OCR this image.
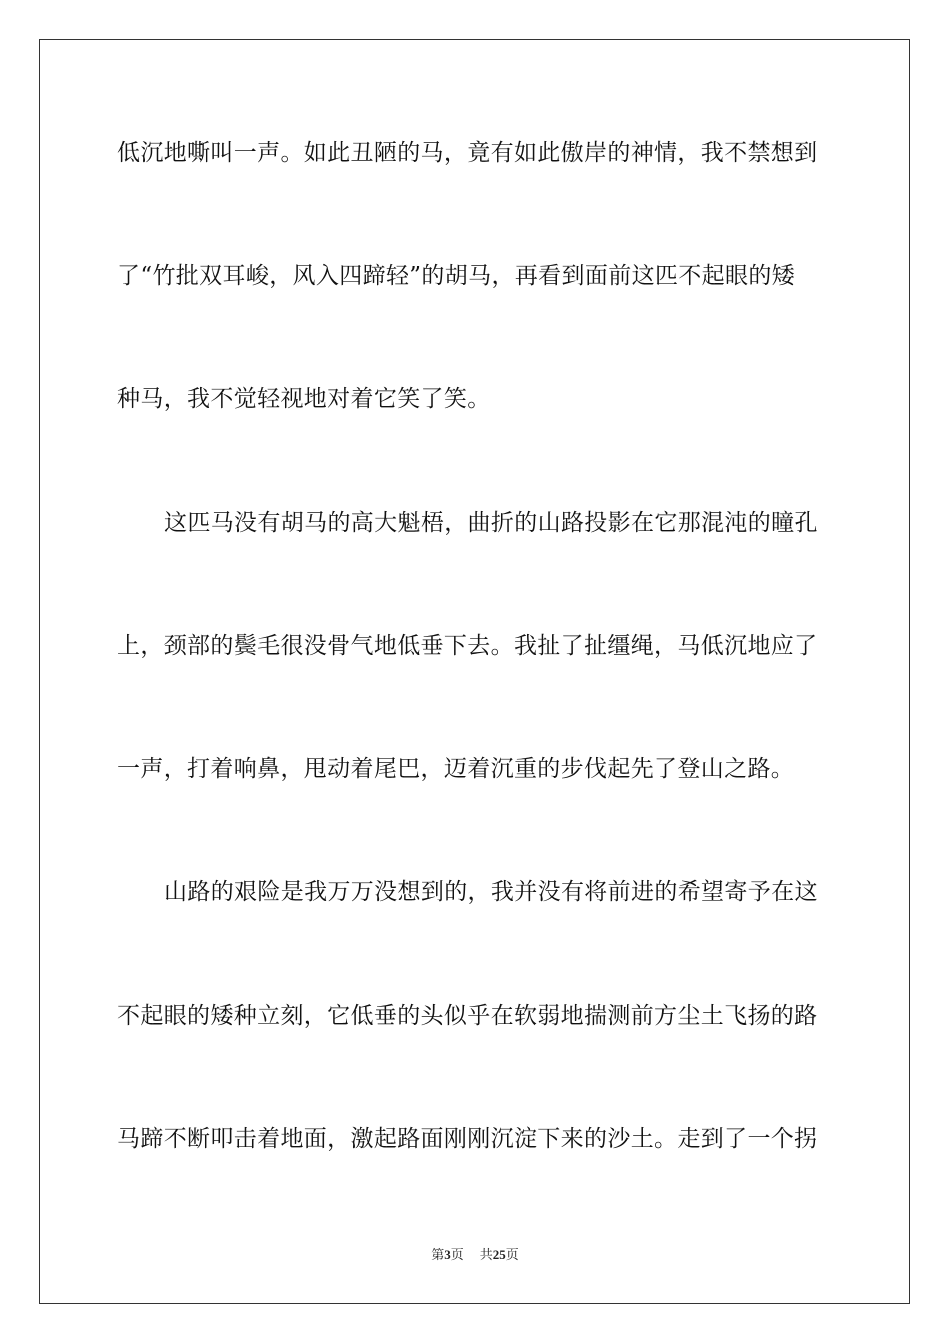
低沉地嘶叫一声。如此丑陋的马，竟有如此傲岸的神情，我不禁想到
了“竹批双耳峻，风入四蹄轻”的胡马，再看到面前这匹不起眼的矮
种马，我不觉轻视地对着它笑了笑。
这匹马没有胡马的高大魁梧，曲折的山路投影在它那混沌的瞳孔
上，颈部的鬓毛很没骨气地低垂下去。我扯了扯缰绳，马低沉地应了
一声，打着响鼻，甩动着尾巴，迈着沉重的步伐起先了登山之路。
山路的艰险是我万万没想到的，我并没有将前进的希望寄予在这
不起眼的矮种立刻，它低垂的头似乎在软弱地揣测前方尘土飞扬的路
马蹄不断叩击着地面，激起路面刚刚沉淀下来的沙土。走到了一个拐
第3页 共25页
